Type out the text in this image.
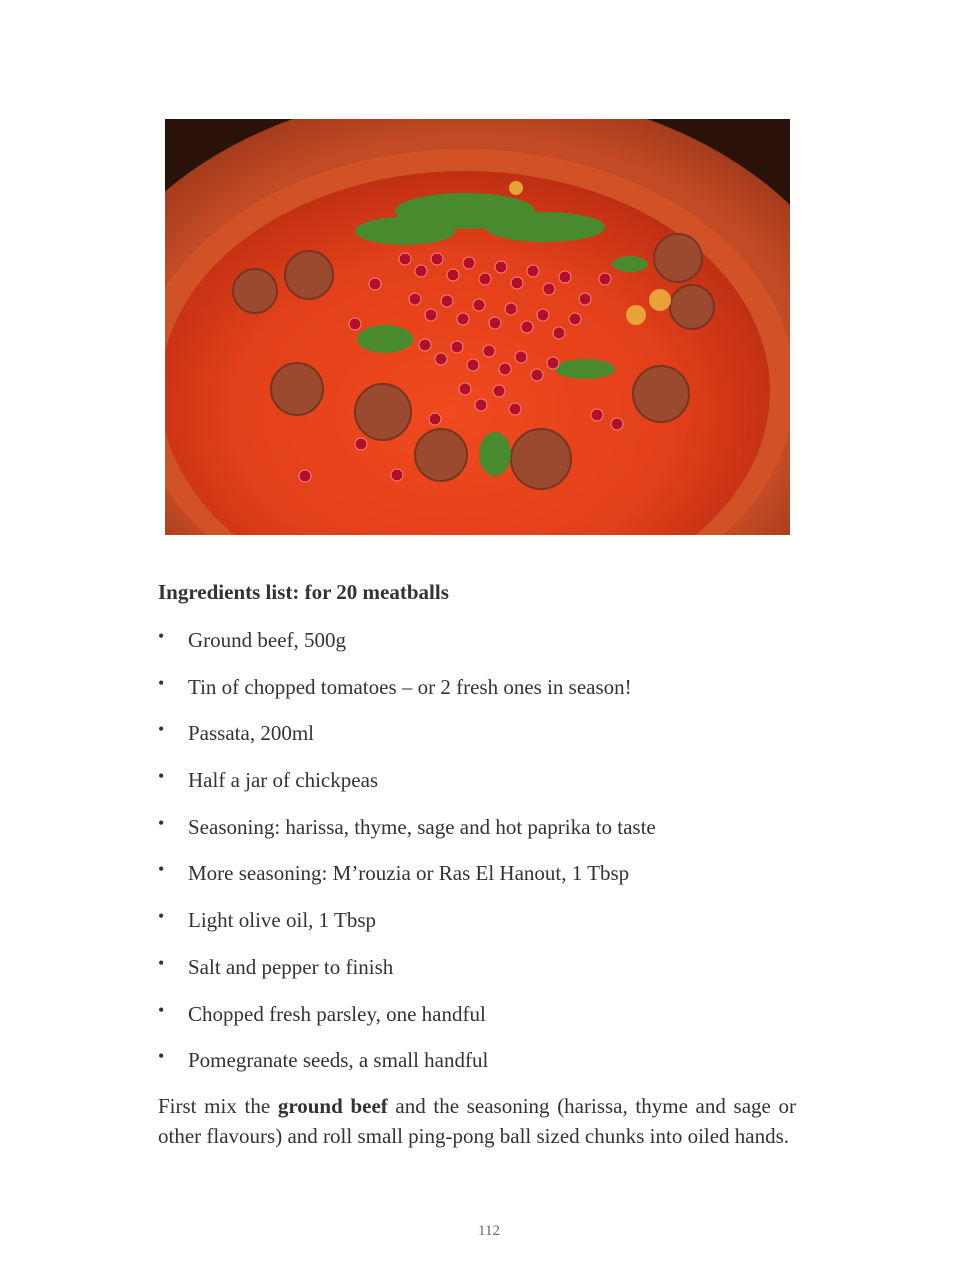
Ingredients list: for 20 meatballs
• Ground beef, 500g
• Tin of chopped tomatoes – or 2 fresh ones in season!
• Passata, 200ml
• Half a jar of chickpeas
• Seasoning: harissa, thyme, sage and hot paprika to taste
• More seasoning: M’rouzia or Ras El Hanout, 1 Tbsp
• Light olive oil, 1 Tbsp
• Salt and pepper to finish
• Chopped fresh parsley, one handful
• Pomegranate seeds, a small handful

First mix the ground beef and the seasoning (harissa, thyme and sage or other flavours) and roll small ping-pong ball sized chunks into oiled hands.

112
